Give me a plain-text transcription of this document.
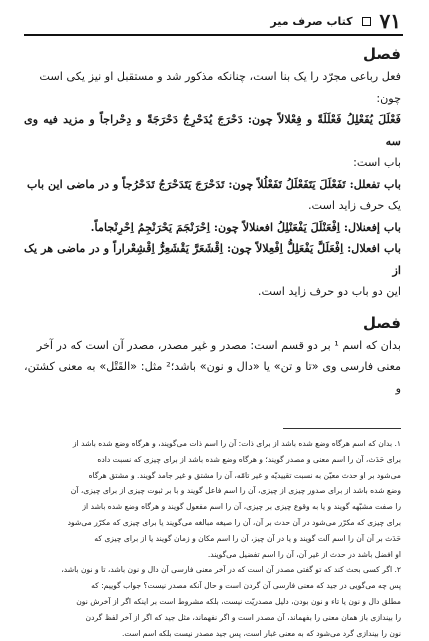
۷۱
کتاب صرف میر
فصل
فعل رباعی مجرّد را یک بنا است، چنانکه مذکور شد و مستقبل او نیز یکی است
چون:
فَعْلَلَ يُفَعْلِلُ فَعْلَلَةً و فِعْلالاً چون: دَحْرَجَ يُدَحْرِجُ دَحْرَجَةً و دِحْراجاً و مزید فیه وی سه
باب است:
باب تفعلل: تَفَعْلَلَ يَتَفَعْلَلُ تَفَعْلُلاً چون: تَدَحْرَجَ يَتَدَحْرَجُ تَدَحْرُجاً و در ماضی این باب
یک حرف زاید است.
باب إفعنلال: اِفْعَنْلَلَ يَفْعَنْلِلُ افعنلالاً چون: اِحْرَنْجَمَ يَحْرَنْجِمُ اِحْرِنْجاماً.
باب افعلال: اِفْعَلَلَّ يَفْعَلِلُّ اِفْعِلالاً چون: اِقْشَعَرَّ يَقْشَعِرُّ اِقْشِعْراراً و در ماضی هر یک از
این دو باب دو حرف زاید است.
فصل
بدان که اسم ¹ بر دو قسم است: مصدر و غیر مصدر، مصدر آن است که در آخر
معنی فارسی وی «تا و تن» یا «دال و نون» باشد؛² مثل: «القَتْل» به معنی کشتن، و
۱. بدان که اسم هرگاه وضع شده باشد از برای ذات: آن را اسم ذات می‌گویند، و هرگاه وضع شده باشد از
برای حَدَث، آن را اسم معنی و مصدر گویند؛ و هرگاه وضع شده باشد از برای چیزی که نسبت داده
می‌شود بر او حدث معیّن به نسبت تقییدیّه و غیر تامّه، آن را مشتق و غیر جامد گویند. و مشتق هرگاه
وضع شده باشد از برای صدور چیزی از چیزی، آن را اسم فاعل گویند و با بر ثبوت چیزی از برای چیزی، آن
را صفت مشبّهه گویند و یا به وقوع چیزی بر چیزی، آن را اسم مفعول گویند و هرگاه وضع شده باشد از
برای چیزی که مکرّر می‌شود در آن حدث بر آن، آن را صیغه مبالغه می‌گویند یا برای چیزی که مکرّر می‌شود
حَدَث بر آن آن را اسم آلت گویند و یا در آن چیز، آن را اسم مکان و زمان گویند یا از برای چیزی که
او افضل باشد در حدث از غیر آن، آن را اسم تفضیل می‌گویند.
۲. اگر کسی بحث کند که تو گفتی مصدر آن است که در آخر معنی فارسی آن دال و نون باشد، تا و نون باشد،
پس چه می‌گویی در جید که معنی فارسی آن گردن است و حال آنکه مصدر نیست؟ جواب گوییم: که
مطلق دال و نون یا تاء و نون بودن، دلیل مصدریّت نیست، بلکه مشروط است بر اینکه اگر از آخرش نون
را بیندازی باز همان معنی را بفهماند، آن مصدر است و اگر نفهماند، مثل جید که اگر از آخر لفظ گردن
نون را بیندازی گرد می‌شود که به معنی غبار است، پس جید مصدر نیست بلکه اسم است.
